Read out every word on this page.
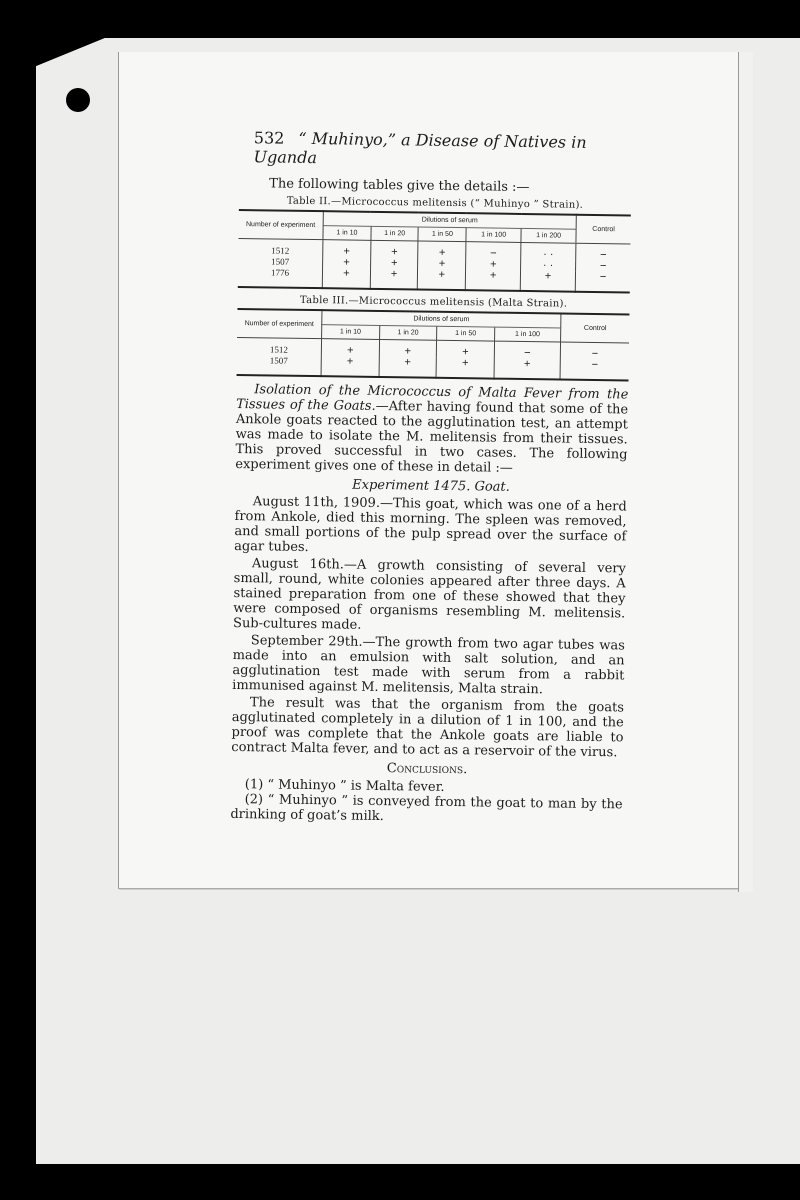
532 “ Muhinyo,” a Disease of Natives in Uganda
The following tables give the details :—
Table II.—Micrococcus melitensis (“ Muhinyo ” Strain).
Number of experiment	Dilutions of serum					Control
	1 in 10	1 in 20	1 in 50	1 in 100	1 in 200	
1512	+	+	+	−	· ·	−
1507	+	+	+	+	· ·	−
1776	+	+	+	+	+	−
Table III.—Micrococcus melitensis (Malta Strain).
Number of experiment	Dilutions of serum				Control
	1 in 10	1 in 20	1 in 50	1 in 100	
1512	+	+	+	−	−
1507	+	+	+	+	−

Isolation of the Micrococcus of Malta Fever from the Tissues of the Goats.—After having found that some of the Ankole goats reacted to the agglutination test, an attempt was made to isolate the M. melitensis from their tissues. This proved successful in two cases. The following experiment gives one of these in detail :—

Experiment 1475. Goat.

August 11th, 1909.—This goat, which was one of a herd from Ankole, died this morning. The spleen was removed, and small portions of the pulp spread over the surface of agar tubes.

August 16th.—A growth consisting of several very small, round, white colonies appeared after three days. A stained preparation from one of these showed that they were composed of organisms resembling M. melitensis. Sub-cultures made.

September 29th.—The growth from two agar tubes was made into an emulsion with salt solution, and an agglutination test made with serum from a rabbit immunised against M. melitensis, Malta strain.

The result was that the organism from the goats agglutinated completely in a dilution of 1 in 100, and the proof was complete that the Ankole goats are liable to contract Malta fever, and to act as a reservoir of the virus.

Conclusions.

(1) “ Muhinyo ” is Malta fever.

(2) “ Muhinyo ” is conveyed from the goat to man by the drinking of goat’s milk.
